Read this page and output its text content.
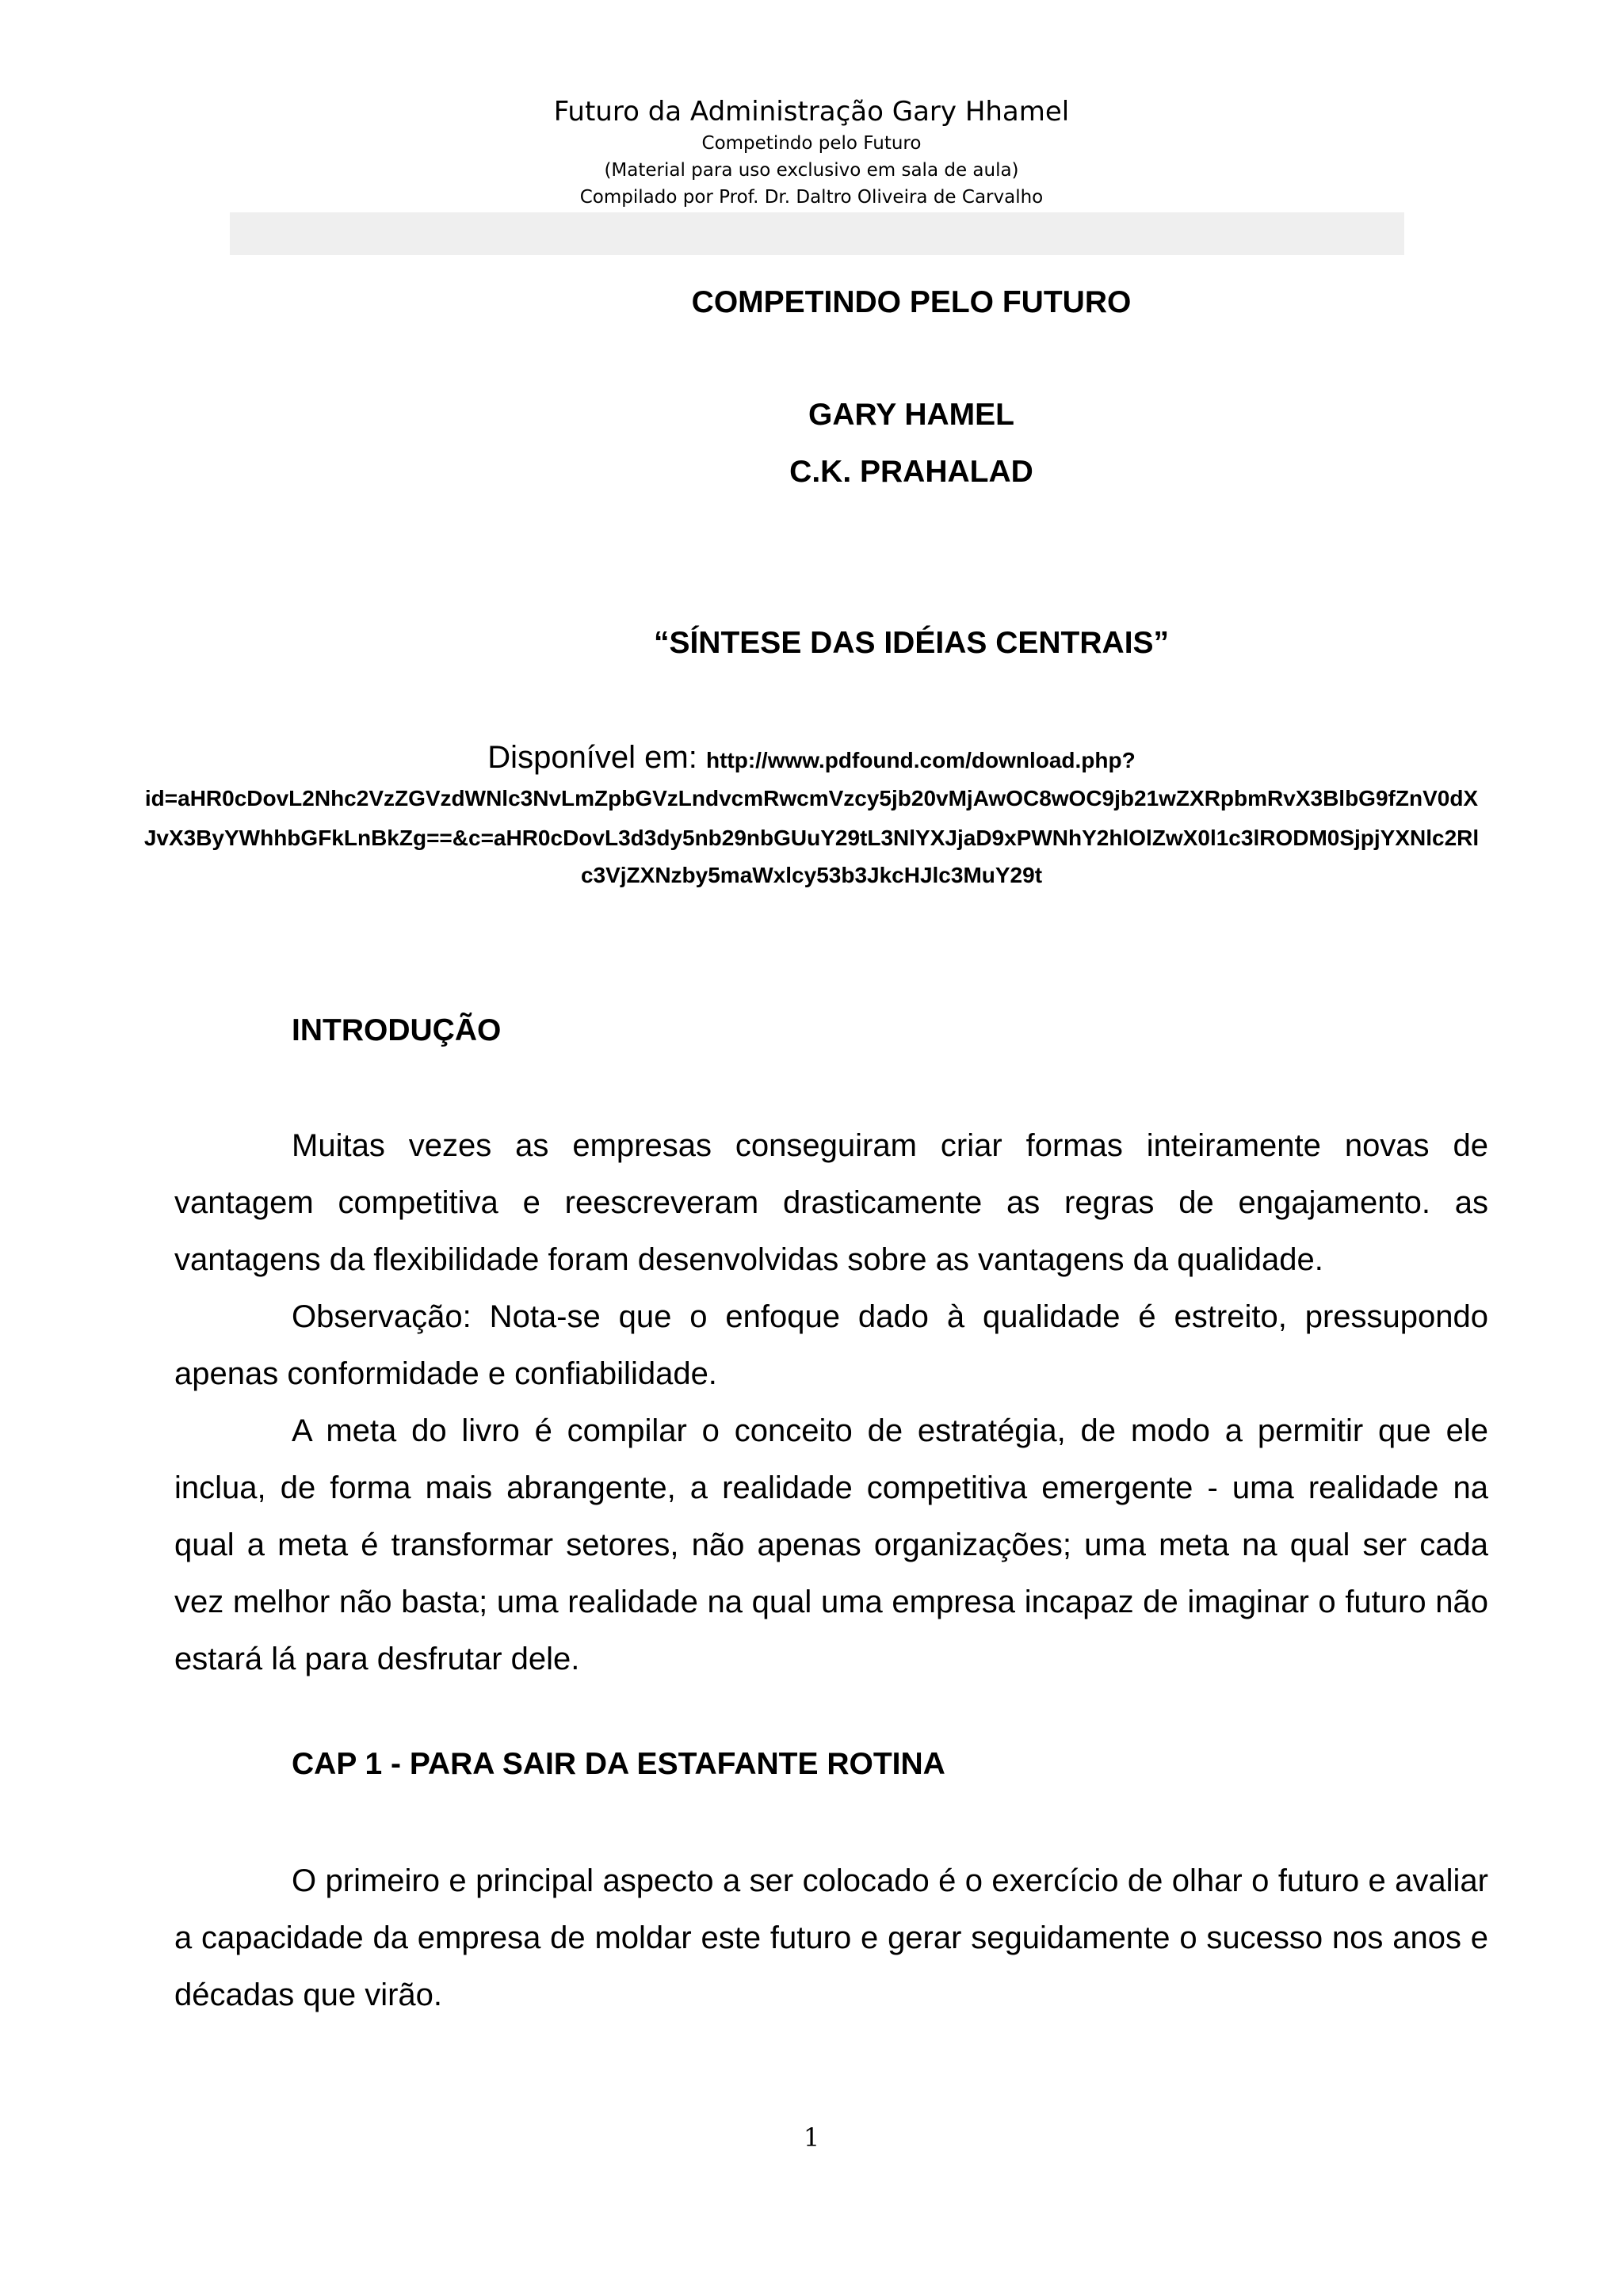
Futuro da Administração Gary Hhamel
Competindo pelo Futuro
(Material para uso exclusivo em sala de aula)
Compilado por Prof. Dr. Daltro Oliveira de Carvalho
COMPETINDO PELO FUTURO
GARY HAMEL
C.K. PRAHALAD
“SÍNTESE DAS IDÉIAS CENTRAIS”
Disponível em: http://www.pdfound.com/download.php?
id=aHR0cDovL2Nhc2VzZGVzdWNlc3NvLmZpbGVzLndvcmRwcmVzcy5jb20vMjAwOC8wOC9jb21wZXRpbmRvX3BlbG9fZnV0dX
JvX3ByYWhhbGFkLnBkZg==&c=aHR0cDovL3d3dy5nb29nbGUuY29tL3NlYXJjaD9xPWNhY2hlOlZwX0l1c3lRODM0SjpjYXNlc2Rl
c3VjZXNzby5maWxlcy53b3JkcHJlc3MuY29t
INTRODUÇÃO

Muitas vezes as empresas conseguiram criar formas inteiramente novas de vantagem competitiva e reescreveram drasticamente as regras de engajamento. as vantagens da flexibilidade foram desenvolvidas sobre as vantagens da qualidade.

Observação: Nota-se que o enfoque dado à qualidade é estreito, pressupondo apenas conformidade e confiabilidade.

A meta do livro é compilar o conceito de estratégia, de modo a permitir que ele inclua, de forma mais abrangente, a realidade competitiva emergente - uma realidade na qual a meta é transformar setores, não apenas organizações; uma meta na qual ser cada vez melhor não basta; uma realidade na qual uma empresa incapaz de imaginar o futuro não estará lá para desfrutar dele.

CAP 1 - PARA SAIR DA ESTAFANTE ROTINA

O primeiro e principal aspecto a ser colocado é o exercício de olhar o futuro e avaliar a capacidade da empresa de moldar este futuro e gerar seguidamente o sucesso nos anos e décadas que virão.

1
